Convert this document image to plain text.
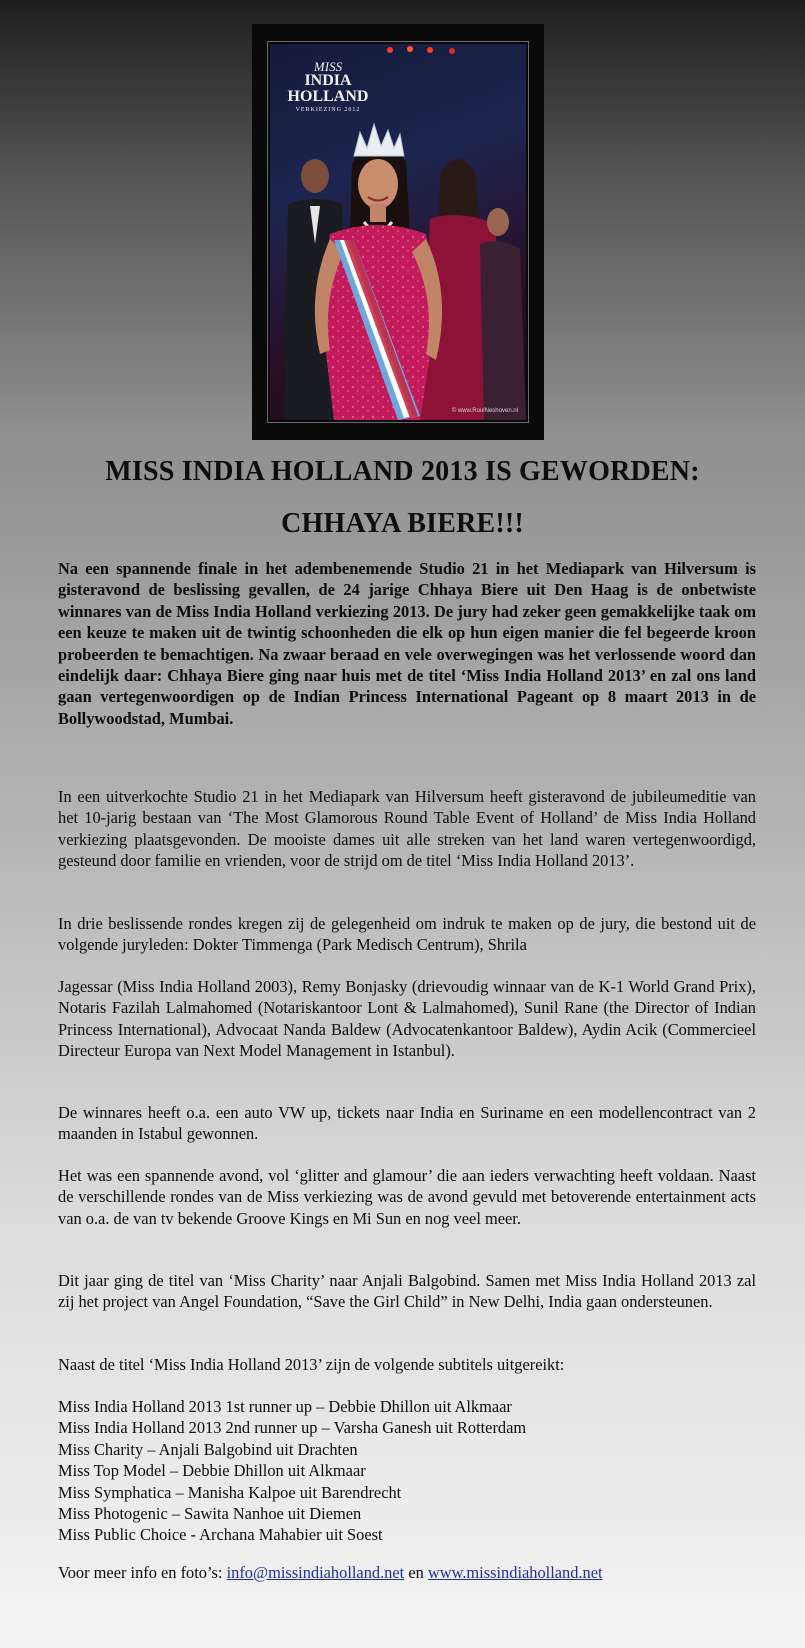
MISS
INDIA
HOLLAND
VERKIEZING 2012
© www.RoulNeshoven.nl
MISS INDIA HOLLAND 2013 IS GEWORDEN:
CHHAYA BIERE!!!

Na een spannende finale in het adembenemende Studio 21 in het Mediapark van Hilversum is gisteravond de beslissing gevallen, de 24 jarige Chhaya Biere uit Den Haag is de onbetwiste winnares van de Miss India Holland verkiezing 2013. De jury had zeker geen gemakkelijke taak om een keuze te maken uit de twintig schoonheden die elk op hun eigen manier die fel begeerde kroon probeerden te bemachtigen. Na zwaar beraad en vele overwegingen was het verlossende woord dan eindelijk daar: Chhaya Biere ging naar huis met de titel ‘Miss India Holland 2013’ en zal ons land gaan vertegenwoordigen op de Indian Princess International Pageant op 8 maart 2013 in de Bollywoodstad, Mumbai.

In een uitverkochte Studio 21 in het Mediapark van Hilversum heeft gisteravond de jubileumeditie van het 10-jarig bestaan van ‘The Most Glamorous Round Table Event of Holland’ de Miss India Holland verkiezing plaatsgevonden. De mooiste dames uit alle streken van het land waren vertegenwoordigd, gesteund door familie en vrienden, voor de strijd om de titel ‘Miss India Holland 2013’.

In drie beslissende rondes kregen zij de gelegenheid om indruk te maken op de jury, die bestond uit de volgende juryleden: Dokter Timmenga (Park Medisch Centrum), Shrila

Jagessar (Miss India Holland 2003), Remy Bonjasky (drievoudig winnaar van de K-1 World Grand Prix), Notaris Fazilah Lalmahomed (Notariskantoor Lont & Lalmahomed), Sunil Rane (the Director of Indian Princess International), Advocaat Nanda Baldew (Advocatenkantoor Baldew), Aydin Acik (Commercieel Directeur Europa van Next Model Management in Istanbul).

De winnares heeft o.a. een auto VW up, tickets naar India en Suriname en een modellencontract van 2 maanden in Istabul gewonnen.

Het was een spannende avond, vol ‘glitter and glamour’ die aan ieders verwachting heeft voldaan. Naast de verschillende rondes van de Miss verkiezing was de avond gevuld met betoverende entertainment acts van o.a. de van tv bekende Groove Kings en Mi Sun en nog veel meer.

Dit jaar ging de titel van ‘Miss Charity’ naar Anjali Balgobind. Samen met Miss India Holland 2013 zal zij het project van Angel Foundation, “Save the Girl Child” in New Delhi, India gaan ondersteunen.

Naast de titel ‘Miss India Holland 2013’ zijn de volgende subtitels uitgereikt:

Miss India Holland 2013 1st runner up – Debbie Dhillon uit Alkmaar
Miss India Holland 2013 2nd runner up – Varsha Ganesh uit Rotterdam
Miss Charity – Anjali Balgobind uit Drachten
Miss Top Model – Debbie Dhillon uit Alkmaar
Miss Symphatica – Manisha Kalpoe uit Barendrecht
Miss Photogenic – Sawita Nanhoe uit Diemen
Miss Public Choice - Archana Mahabier uit Soest
Voor meer info en foto’s: info@missindiaholland.net en www.missindiaholland.net
